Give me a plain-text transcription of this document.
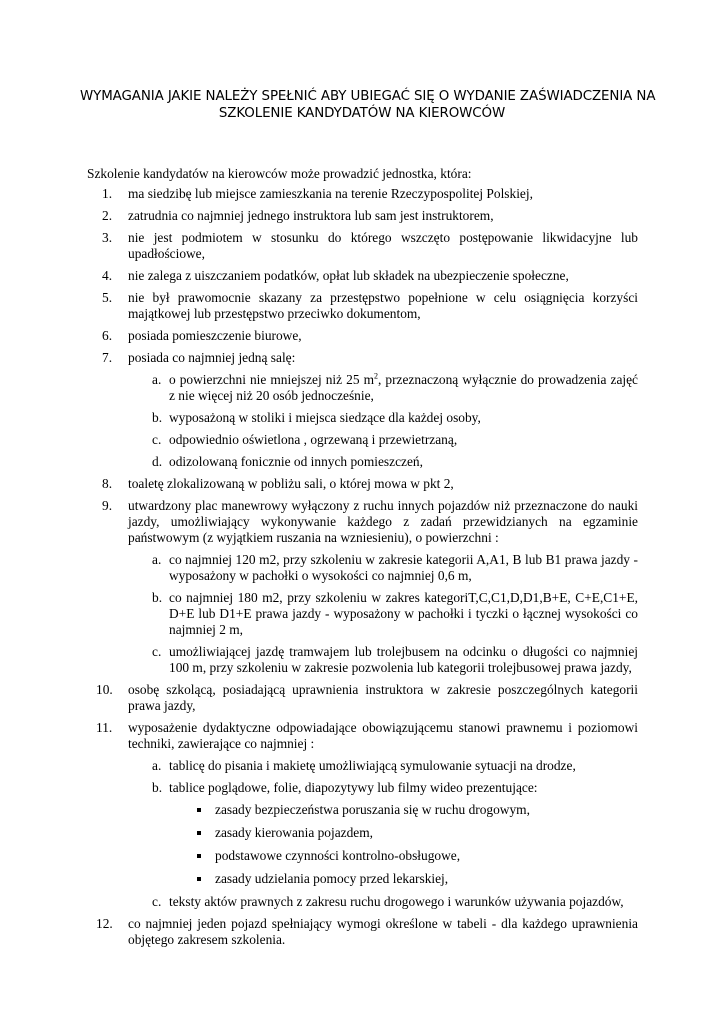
WYMAGANIA JAKIE NALEŻY SPEŁNIĆ ABY UBIEGAĆ SIĘ O WYDANIE ZAŚWIADCZENIA NA
SZKOLENIE KANDYDATÓW NA KIEROWCÓW
Szkolenie kandydatów na kierowców może prowadzić jednostka, która:
1. ma siedzibę lub miejsce zamieszkania na terenie Rzeczypospolitej Polskiej,
2. zatrudnia co najmniej jednego instruktora lub sam jest instruktorem,
3. nie jest podmiotem w stosunku do którego wszczęto postępowanie likwidacyjne lub upadłościowe,
4. nie zalega z uiszczaniem podatków, opłat lub składek na ubezpieczenie społeczne,
5. nie był prawomocnie skazany za przestępstwo popełnione w celu osiągnięcia korzyści majątkowej lub przestępstwo przeciwko dokumentom,
6. posiada pomieszczenie biurowe,
7. posiada co najmniej jedną salę:
a. o powierzchni nie mniejszej niż 25 $m^2$, przeznaczoną wyłącznie do prowadzenia zajęć z nie więcej niż 20 osób jednocześnie,
b. wyposażoną w stoliki i miejsca siedzące dla każdej osoby,
c. odpowiednio oświetlona , ogrzewaną i przewietrzaną,
d. odizolowaną fonicznie od innych pomieszczeń,
8. toaletę zlokalizowaną w pobliżu sali, o której mowa w pkt 2,
9. utwardzony plac manewrowy wyłączony z ruchu innych pojazdów niż przeznaczone do nauki jazdy, umożliwiający wykonywanie każdego z zadań przewidzianych na egzaminie państwowym (z wyjątkiem ruszania na wzniesieniu), o powierzchni :
a. co najmniej 120 m2, przy szkoleniu w zakresie kategorii A,A1, B lub B1 prawa jazdy - wyposażony w pachołki o wysokości co najmniej 0,6 m,
b. co najmniej 180 m2, przy szkoleniu w zakres kategoriT,C,C1,D,D1,B+E, C+E,C1+E, D+E lub D1+E prawa jazdy - wyposażony w pachołki i tyczki o łącznej wysokości co najmniej 2 m,
c. umożliwiającej jazdę tramwajem lub trolejbusem na odcinku o długości co najmniej 100 m, przy szkoleniu w zakresie pozwolenia lub kategorii trolejbusowej prawa jazdy,
10. osobę szkolącą, posiadającą uprawnienia instruktora w zakresie poszczególnych kategorii prawa jazdy,
11. wyposażenie dydaktyczne odpowiadające obowiązującemu stanowi prawnemu i poziomowi techniki, zawierające co najmniej :
a. tablicę do pisania i makietę umożliwiającą symulowanie sytuacji na drodze,
b. tablice poglądowe, folie, diapozytywy lub filmy wideo prezentujące:
zasady bezpieczeństwa poruszania się w ruchu drogowym,
zasady kierowania pojazdem,
podstawowe czynności kontrolno-obsługowe,
zasady udzielania pomocy przed lekarskiej,
c. teksty aktów prawnych z zakresu ruchu drogowego i warunków używania pojazdów,
12. co najmniej jeden pojazd spełniający wymogi określone w tabeli - dla każdego uprawnienia objętego zakresem szkolenia.
